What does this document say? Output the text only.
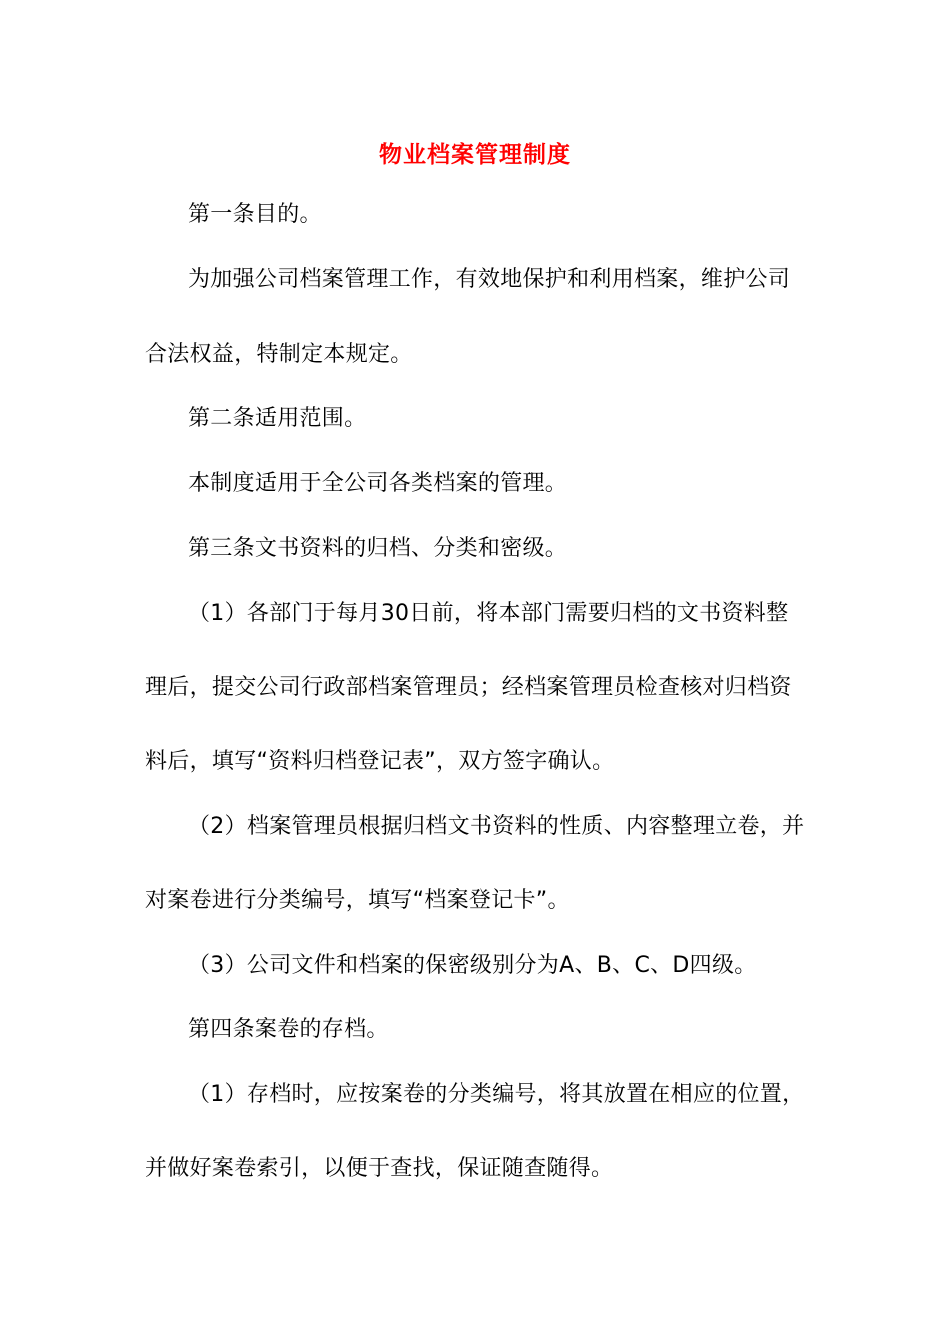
物业档案管理制度
第一条目的。
为加强公司档案管理工作，有效地保护和利用档案，维护公司
合法权益，特制定本规定。
第二条适用范围。
本制度适用于全公司各类档案的管理。
第三条文书资料的归档、分类和密级。
（1）各部门于每月30日前，将本部门需要归档的文书资料整
理后，提交公司行政部档案管理员；经档案管理员检查核对归档资
料后，填写“资料归档登记表”，双方签字确认。
（2）档案管理员根据归档文书资料的性质、内容整理立卷，并
对案卷进行分类编号，填写“档案登记卡”。
（3）公司文件和档案的保密级别分为A、B、C、D四级。
第四条案卷的存档。
（1）存档时，应按案卷的分类编号，将其放置在相应的位置，
并做好案卷索引，以便于查找，保证随查随得。
